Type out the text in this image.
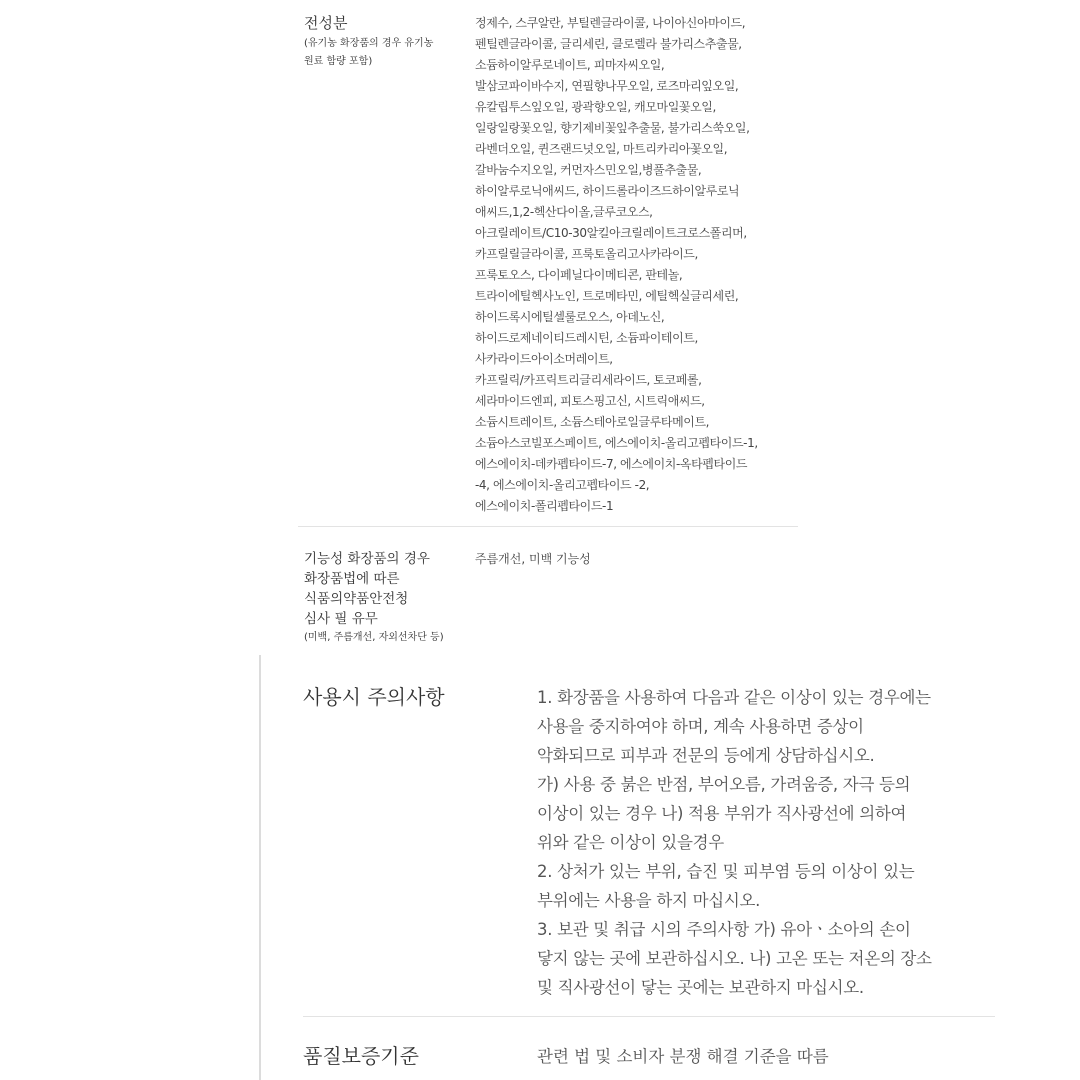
전성분
(유기농 화장품의 경우 유기농
원료 함량 포함)
정제수, 스쿠알란, 부틸렌글라이콜, 나이아신아마이드,
펜틸렌글라이콜, 글리세린, 클로렐라 불가리스추출물,
소듐하이알루로네이트, 피마자씨오일,
발삼코파이바수지, 연필향나무오일, 로즈마리잎오일,
유칼립투스잎오일, 광곽향오일, 캐모마일꽃오일,
일랑일랑꽃오일, 향기제비꽃잎추출물, 불가리스쑥오일,
라벤더오일, 퀸즈랜드넛오일, 마트리카리아꽃오일,
갈바눔수지오일, 커먼자스민오일,병풀추출물,
하이알루로닉애씨드, 하이드롤라이즈드하이알루로닉
애씨드,1,2-헥산다이올,글루코오스,
아크릴레이트/C10-30알킬아크릴레이트크로스폴리머,
카프릴릴글라이콜, 프룩토올리고사카라이드,
프룩토오스, 다이페닐다이메티콘, 판테놀,
트라이에틸헥사노인, 트로메타민, 에틸헥실글리세린,
하이드록시에틸셀룰로오스, 아데노신,
하이드로제네이티드레시틴, 소듐파이테이트,
사카라이드아이소머레이트,
카프릴릭/카프릭트리글리세라이드, 토코페롤,
세라마이드엔피, 피토스핑고신, 시트릭애씨드,
소듐시트레이트, 소듐스테아로일글루타메이트,
소듐아스코빌포스페이트, 에스에이치-올리고펩타이드-1,
에스에이치-데카펩타이드-7, 에스에이치-옥타펩타이드
-4, 에스에이치-올리고펩타이드 -2,
에스에이치-폴리펩타이드-1
기능성 화장품의 경우
화장품법에 따른
식품의약품안전청
심사 필 유무
(미백, 주름개선, 자외선차단 등)
주름개선, 미백 기능성
사용시 주의사항	1. 화장품을 사용하여 다음과 같은 이상이 있는 경우에는
사용을 중지하여야 하며, 계속 사용하면 증상이
악화되므로 피부과 전문의 등에게 상담하십시오.
가) 사용 중 붉은 반점, 부어오름, 가려움증, 자극 등의
이상이 있는 경우 나) 적용 부위가 직사광선에 의하여
위와 같은 이상이 있을경우
2. 상처가 있는 부위, 습진 및 피부염 등의 이상이 있는
부위에는 사용을 하지 마십시오.
3. 보관 및 취급 시의 주의사항 가) 유아ㆍ소아의 손이
닿지 않는 곳에 보관하십시오. 나) 고온 또는 저온의 장소
및 직사광선이 닿는 곳에는 보관하지 마십시오.
품질보증기준	관련 법 및 소비자 분쟁 해결 기준을 따름
